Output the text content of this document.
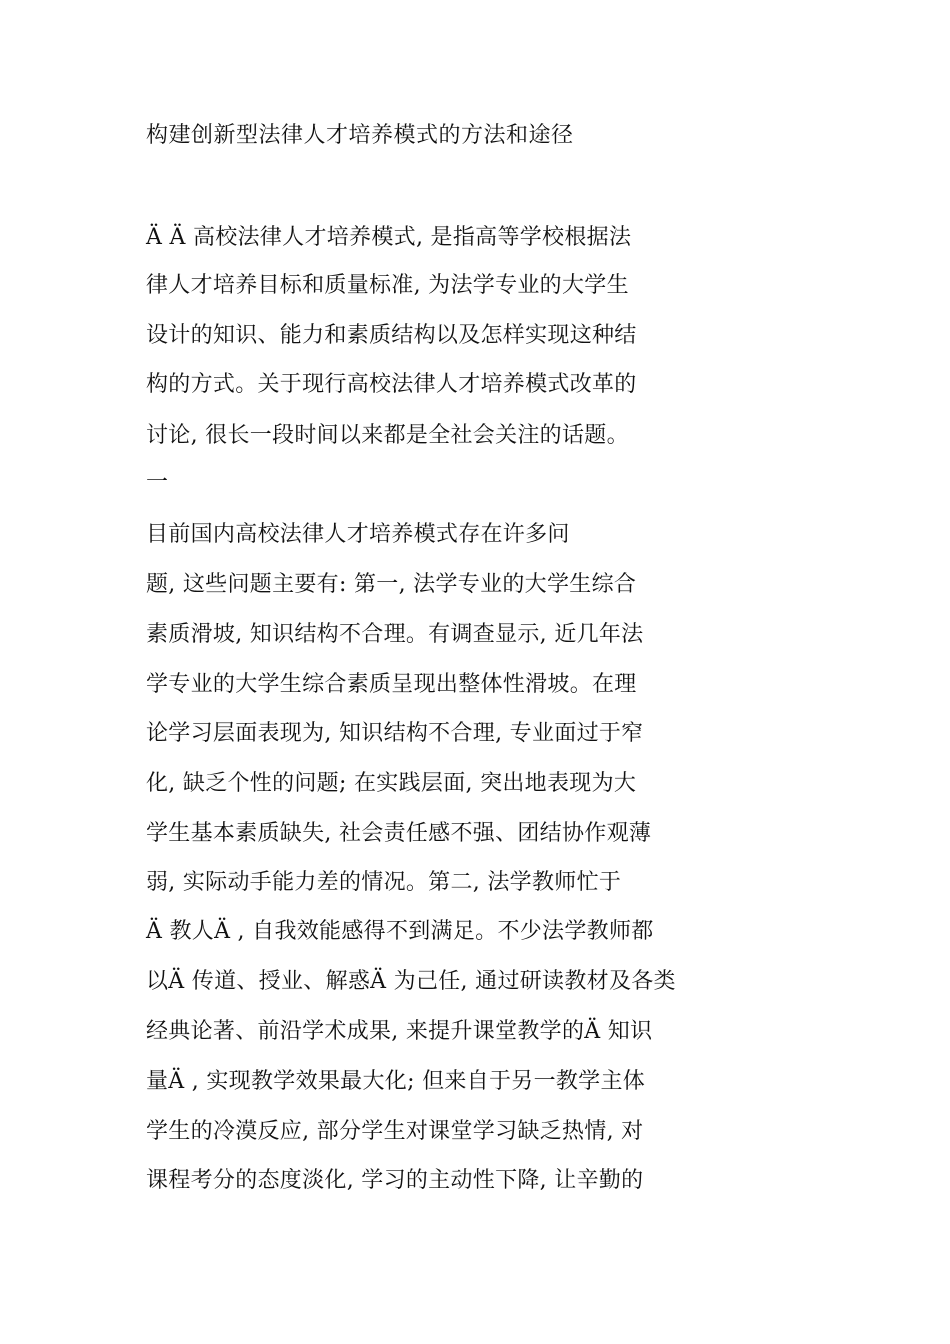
构建创新型法律人才培养模式的方法和途径
Ä Ä 高校法律人才培养模式, 是指高等学校根据法
律人才培养目标和质量标准, 为法学专业的大学生
设计的知识、能力和素质结构以及怎样实现这种结
构的方式。关于现行高校法律人才培养模式改革的
讨论, 很长一段时间以来都是全社会关注的话题。
一
目前国内高校法律人才培养模式存在许多问
题, 这些问题主要有: 第一, 法学专业的大学生综合
素质滑坡, 知识结构不合理。有调查显示, 近几年法
学专业的大学生综合素质呈现出整体性滑坡。在理
论学习层面表现为, 知识结构不合理, 专业面过于窄
化, 缺乏个性的问题; 在实践层面, 突出地表现为大
学生基本素质缺失, 社会责任感不强、团结协作观薄
弱, 实际动手能力差的情况。第二, 法学教师忙于
Ä 教人Ä , 自我效能感得不到满足。不少法学教师都
以Ä 传道、授业、解惑Ä 为己任, 通过研读教材及各类
经典论著、前沿学术成果, 来提升课堂教学的Ä 知识
量Ä , 实现教学效果最大化; 但来自于另一教学主体
学生的冷漠反应, 部分学生对课堂学习缺乏热情, 对
课程考分的态度淡化, 学习的主动性下降, 让辛勤的
